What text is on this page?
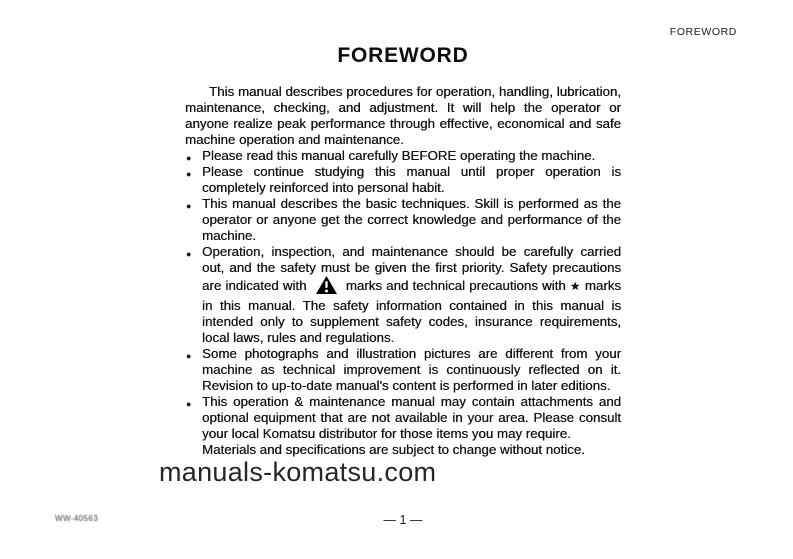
FOREWORD
FOREWORD

This manual describes procedures for operation, handling, lubrication, maintenance, checking, and adjustment. It will help the operator or anyone realize peak performance through effective, economical and safe machine operation and maintenance.

● Please read this manual carefully BEFORE operating the machine.
● Please continue studying this manual until proper operation is completely reinforced into personal habit.
● This manual describes the basic techniques. Skill is performed as the operator or anyone get the correct knowledge and performance of the machine.
● Operation, inspection, and maintenance should be carefully carried out, and the safety must be given the first priority. Safety precautions are indicated with	marks and technical precautions with ★ marks in this manual. The safety information contained in this manual is intended only to supplement safety codes, insurance requirements, local laws, rules and regulations.
● Some photographs and illustration pictures are different from your machine as technical improvement is continuously reflected on it. Revision to up-to-date manual's content is performed in later editions.
● This operation & maintenance manual may contain attachments and optional equipment that are not available in your area. Please consult your local Komatsu distributor for those items you may require.
Materials and specifications are subject to change without notice.
manuals-komatsu.com
WW-40563	— 1 —
